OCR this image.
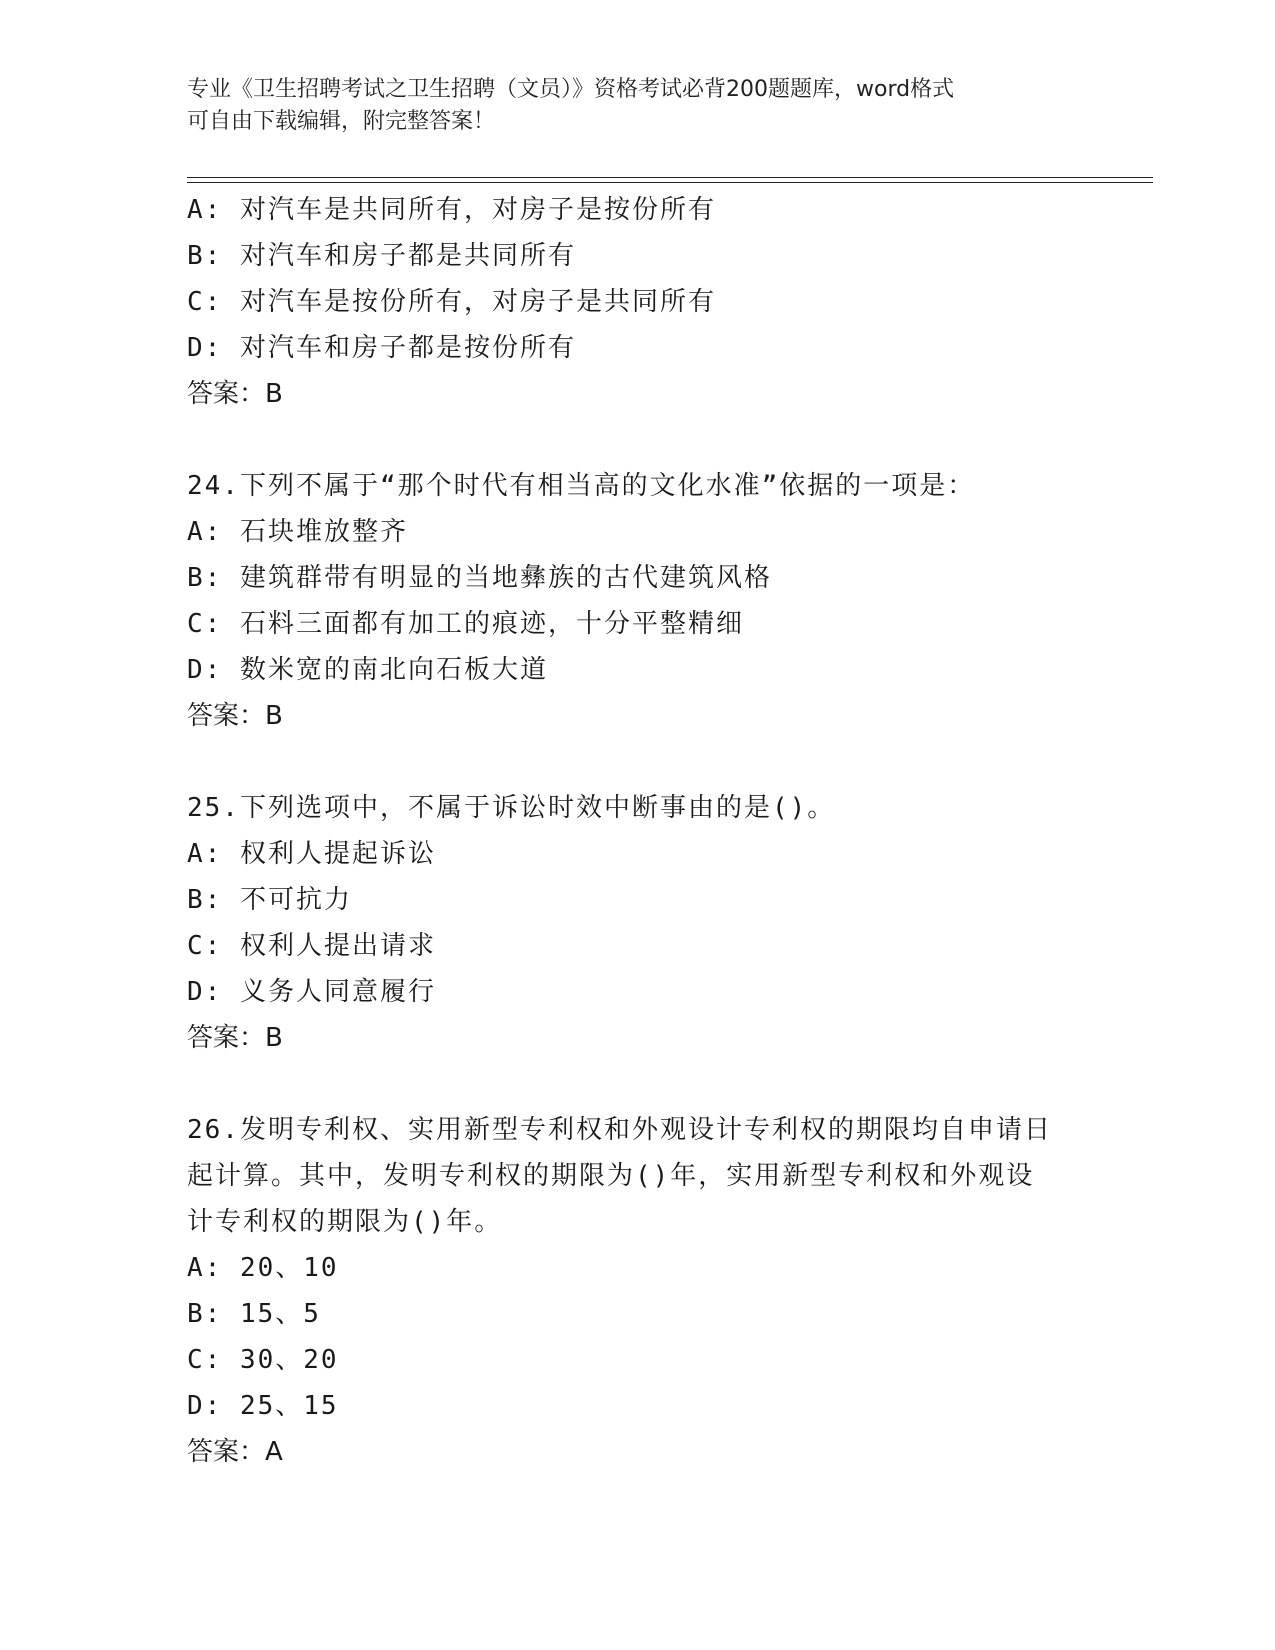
专业《卫生招聘考试之卫生招聘（文员）》资格考试必背200题题库，word格式
可自由下载编辑，附完整答案！
A: 对汽车是共同所有，对房子是按份所有
B: 对汽车和房子都是共同所有
C: 对汽车是按份所有，对房子是共同所有
D: 对汽车和房子都是按份所有
答案：B
24.下列不属于“那个时代有相当高的文化水准”依据的一项是：
A: 石块堆放整齐
B: 建筑群带有明显的当地彝族的古代建筑风格
C: 石料三面都有加工的痕迹，十分平整精细
D: 数米宽的南北向石板大道
答案：B
25.下列选项中，不属于诉讼时效中断事由的是()。
A: 权利人提起诉讼
B: 不可抗力
C: 权利人提出请求
D: 义务人同意履行
答案：B
26.发明专利权、实用新型专利权和外观设计专利权的期限均自申请日
起计算。其中，发明专利权的期限为()年，实用新型专利权和外观设
计专利权的期限为()年。
A: 20、10
B: 15、5
C: 30、20
D: 25、15
答案：A
